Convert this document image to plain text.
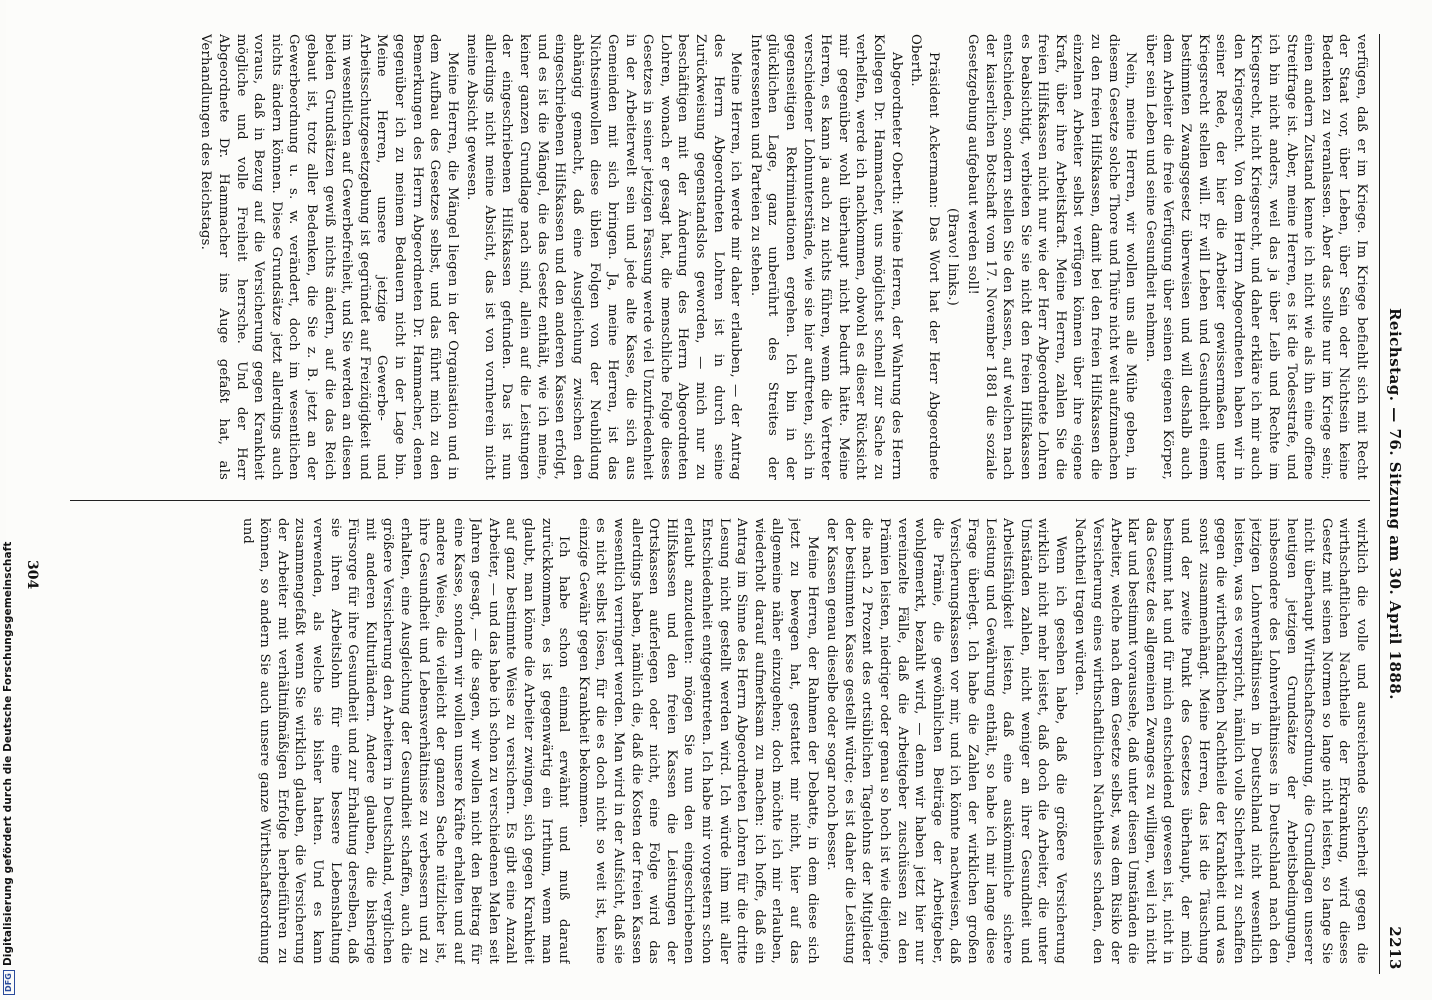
Reichstag. — 76. Sitzung am 30. April 1888.
2213

verfügen, daß er im Kriege. Im Kriege befiehlt sich mit Recht der Staat vor, über Leben, über Sein oder Nichtsein keine Bedenken zu veranlassen. Aber das sollte nur im Kriege sein; einen andern Zustand kenne ich nicht wie als ihn eine offene Streitfrage ist. Aber, meine Herren, es ist die Todesstrafe, und ich bin nicht anders, weil das ja über Leib und Rechte im Kriegsrecht, nicht Kriegsrecht, und daher erkläre ich mir auch den Kriegsrecht. Von dem Herrn Abgeordneten haben wir in seiner Rede, der hier die Arbeiter gewissermaßen unter Kriegsrecht stellen will. Er will Leben und Gesundheit einem bestimmten Zwangsgesetz überweisen und will deshalb auch dem Arbeiter die freie Verfügung über seinen eigenen Körper, über sein Leben und seine Gesundheit nehmen.

Nein, meine Herren, wir wollen uns alle Mühe geben, in diesem Gesetze solche Thore und Thüre nicht weit aufzumachen zu den freien Hilfskassen, damit bei den freien Hilfskassen die einzelnen Arbeiter selbst verfügen können über ihre eigene Kraft, über ihre Arbeitskraft. Meine Herren, zahlen Sie die freien Hilfskassen nicht nur wie der Herr Abgeordnete Lohren es beabsichtigt, verbieten Sie sie nicht den freien Hilfskassen entschieden, sondern stellen Sie den Kassen, auf welchen nach der kaiserlichen Botschaft vom 17. November 1881 die soziale Gesetzgebung aufgebaut werden soll!

(Bravo! links.)

Präsident Ackermann: Das Wort hat der Herr Abgeordnete Oberth.

Abgeordneter Oberth: Meine Herren, der Wahrung des Herrn Kollegen Dr. Hammacher, uns möglichst schnell zur Sache zu verhelfen, werde ich nachkommen, obwohl es dieser Rücksicht mir gegenüber wohl überhaupt nicht bedurft hätte. Meine Herren, es kann ja auch zu nichts führen, wenn die Vertreter verschiedener Lohnunterstände, wie sie hier auftreten, sich in gegenseitigen Rekriminationen ergehen. Ich bin in der glücklichen Lage, ganz unberührt des Streites der Interessenten und Parteien zu stehen.

Meine Herren, ich werde mir daher erlauben, — der Antrag des Herrn Abgeordneten Lohren ist in durch seine Zurückweisung gegenstandslos geworden, — mich nur zu beschäftigen mit der Änderung des Herrn Abgeordneten Lohren, wonach er gesagt hat, die menschliche Folge dieses Gesetzes in seiner jetzigen Fassung werde viel Unzufriedenheit in der Arbeiterwelt sein und jede alte Kasse, die sich aus Gemeinden mit sich bringen. Ja, meine Herren, ist das Nichtseinwollen diese üblen Folgen von der Neubildung abhängig gemacht, daß eine Ausgleichung zwischen den eingeschriebenen Hilfskassen und den anderen Kassen erfolgt, und es ist die Mängel, die das Gesetz enthält, wie ich meine, keiner ganzen Grundlage nach sind, allein auf die Leistungen der eingeschriebenen Hilfskassen gefunden. Das ist nun allerdings nicht meine Absicht, das ist von vornherein nicht meine Absicht gewesen.

Meine Herren, die Mängel liegen in der Organisation und in dem Aufbau des Gesetzes selbst, und das führt mich zu den Bemerkungen des Herrn Abgeordneten Dr. Hammacher, denen gegenüber ich zu meinem Bedauern nicht in der Lage bin. Meine Herren, unsere jetzige Gewerbe- und Arbeitsschutzgesetzgebung ist gegründet auf Freizügigkeit und im wesentlichen auf Gewerbefreiheit, und Sie werden an diesen beiden Grundsätzen gewiß nichts ändern, auf die das Reich gebaut ist, trotz aller Bedenken, die Sie z. B. jetzt an der Gewerbeordnung u. s. w. verändert, doch im wesentlichen nichts ändern können. Diese Grundsätze jetzt allerdings auch voraus, daß in Bezug auf die Versicherung gegen Krankheit mögliche und volle Freiheit herrsche. Und der Herr Abgeordnete Dr. Hammacher ins Auge gefaßt hat, als Verhandlungen des Reichstags.

wirklich die volle und ausreichende Sicherheit gegen die wirthschaftlichen Nachtheile der Erkrankung, wird dieses Gesetz mit seinen Normen so lange nicht leisten, so lange Sie nicht überhaupt Wirthschaftsordnung, die Grundlagen unserer heutigen jetzigen Grundsätze der Arbeitsbedingungen, insbesondere des Lohnverhältnisses in Deutschland nach den jetzigen Lohnverhältnissen in Deutschland nicht wesentlich leisten, was es verspricht, nämlich volle Sicherheit zu schaffen gegen die wirthschaftlichen Nachtheile der Krankheit und was sonst zusammenhängt. Meine Herren, das ist die Täuschung und der zweite Punkt des Gesetzes überhaupt, der mich bestimmt hat und für mich entscheidend gewesen ist, nicht in das Gesetz des allgemeinen Zwanges zu willigen, weil ich nicht klar und bestimmt voraussehe, daß unter diesen Umständen die Arbeiter, welche nach dem Gesetze selbst, was dem Risiko der Versicherung eines wirthschaftlichen Nachtheiles schaden, den Nachtheil tragen würden.

Wenn ich gesehen habe, daß die größere Versicherung wirklich nicht mehr leistet, daß doch die Arbeiter, die unter Umständen zahlen, nicht weniger an ihrer Gesundheit und Arbeitsfähigkeit leisten, daß eine auskömmliche sichere Leistung und Gewährung enthält, so habe ich mir lange diese Frage überlegt. Ich habe die Zahlen der wirklichen großen Versicherungskassen vor mir, und ich könnte nachweisen, daß die Prämie, die gewöhnlichen Beiträge der Arbeitgeber, wohlgemerkt, bezahlt wird, — denn wir haben jetzt hier nur vereinzelte Fälle, daß die Arbeitgeber zuschüssen zu den Prämien leisten, niedriger oder genau so hoch ist wie diejenige, die nach 2 Prozent des ortsüblichen Tagelohns der Mitglieder der bestimmten Kasse gestellt würde; es ist daher die Leistung der Kassen genau dieselbe oder sogar noch besser.

Meine Herren, der Rahmen der Debatte, in dem diese sich jetzt zu bewegen hat, gestattet mir nicht, hier auf das allgemeine näher einzugehen; doch möchte ich mir erlauben, wiederholt darauf aufmerksam zu machen: ich hoffe, daß ein Antrag im Sinne des Herrn Abgeordneten Lohren für die dritte Lesung nicht gestellt werden wird. Ich würde ihm mit aller Entschiedenheit entgegentreten. Ich habe mir vorgestern schon erlaubt anzudeuten: mögen Sie nun den eingeschriebenen Hilfskassen und den freien Kassen die Leistungen der Ortskassen auferlegen oder nicht, eine Folge wird das allerdings haben, nämlich die, daß die Kosten der freien Kassen wesentlich verringert werden. Man wird in der Aufsicht, daß sie es nicht selbst lösen, für die es doch nicht so weit ist, keine einzige Gewähr gegen Krankheit bekommen.

Ich habe schon einmal erwähnt und muß darauf zurückkommen, es ist gegenwärtig ein Irrthum, wenn man glaubt, man könne die Arbeiter zwingen, sich gegen Krankheit auf ganz bestimmte Weise zu versichern. Es gibt eine Anzahl Arbeiter, — und das habe ich schon zu verschiedenen Malen seit Jahren gesagt, — die sagen, wir wollen nicht den Beitrag für eine Kasse, sondern wir wollen unsere Kräfte erhalten und auf andere Weise, die vielleicht der ganzen Sache nützlicher ist, ihre Gesundheit und Lebensverhältnisse zu verbessern und zu erhalten, eine Ausgleichung der Gesundheit schaffen, auch die größere Versicherung den Arbeitern in Deutschland, verglichen mit anderen Kulturländern. Andere glauben, die bisherige Fürsorge für ihre Gesundheit und zur Erhaltung derselben, daß sie ihren Arbeitslohn für eine bessere Lebenshaltung verwenden, als welche sie bisher hatten. Und es kann zusammengefaßt wenn Sie wirklich glauben, die Versicherung der Arbeiter mit verhältnißmäßigen Erfolge herbeiführen zu können, so andern Sie auch unsere ganze Wirthschaftsordnung und

304
DFGDigitalisierung gefördert durch die Deutsche Forschungsgemeinschaft
